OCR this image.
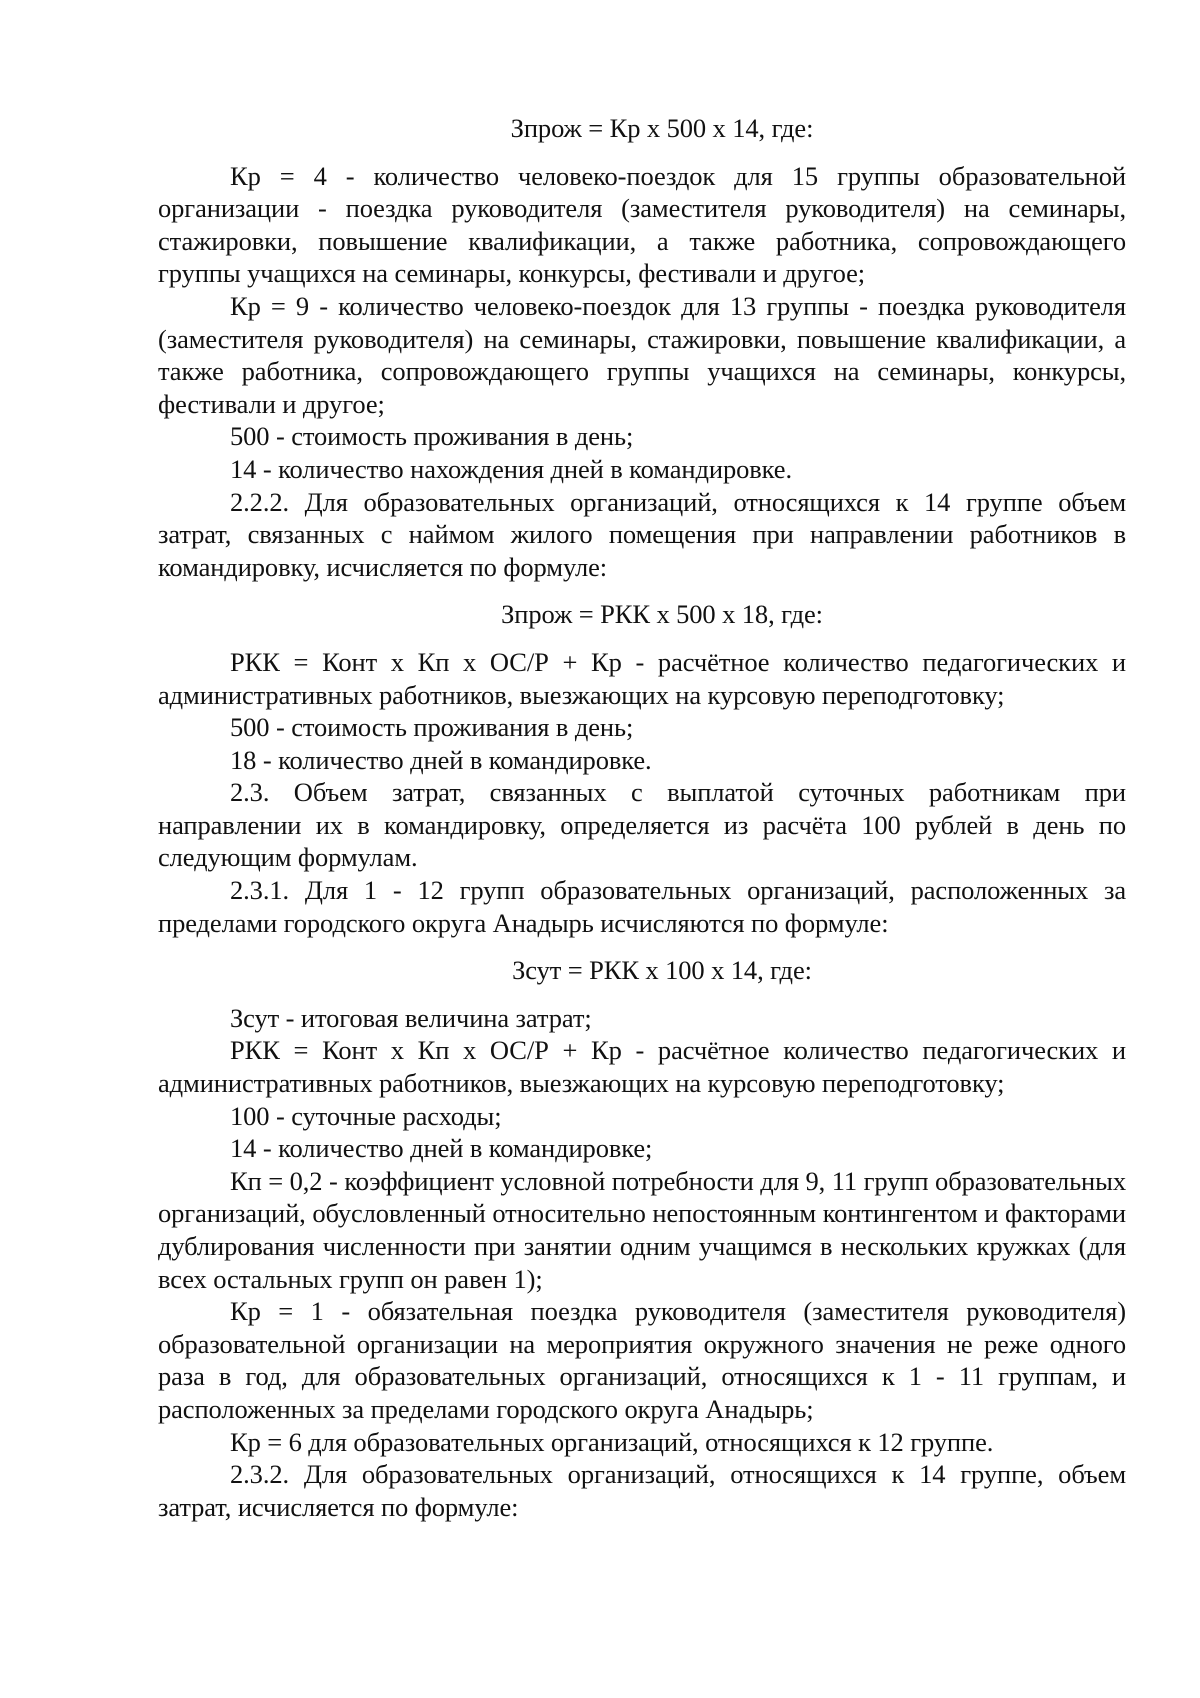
Зпрож = Кр х 500 х 14, где:

Кр = 4 - количество человеко-поездок для 15 группы образовательной организации - поездка руководителя (заместителя руководителя) на семинары, стажировки, повышение квалификации, а также работника, сопровождающего группы учащихся на семинары, конкурсы, фестивали и другое;

Кр = 9 - количество человеко-поездок для 13 группы - поездка руководителя (заместителя руководителя) на семинары, стажировки, повышение квалификации, а также работника, сопровождающего группы учащихся на семинары, конкурсы, фестивали и другое;

500 - стоимость проживания в день;

14 - количество нахождения дней в командировке.

2.2.2. Для образовательных организаций, относящихся к 14 группе объем затрат, связанных с наймом жилого помещения при направлении работников в командировку, исчисляется по формуле:

Зпрож = РКК х 500 х 18, где:

РКК = Конт х Кп х ОС/Р + Кр - расчётное количество педагогических и административных работников, выезжающих на курсовую переподготовку;

500 - стоимость проживания в день;

18 - количество дней в командировке.

2.3. Объем затрат, связанных с выплатой суточных работникам при направлении их в командировку, определяется из расчёта 100 рублей в день по следующим формулам.

2.3.1. Для 1 - 12 групп образовательных организаций, расположенных за пределами городского округа Анадырь исчисляются по формуле:

Зсут = РКК х 100 х 14, где:

Зсут - итоговая величина затрат;

РКК = Конт х Кп х ОС/Р + Кр - расчётное количество педагогических и административных работников, выезжающих на курсовую переподготовку;

100 - суточные расходы;

14 - количество дней в командировке;

Кп = 0,2 - коэффициент условной потребности для 9, 11 групп образовательных организаций, обусловленный относительно непостоянным контингентом и факторами дублирования численности при занятии одним учащимся в нескольких кружках (для всех остальных групп он равен 1);

Кр = 1 - обязательная поездка руководителя (заместителя руководителя) образовательной организации на мероприятия окружного значения не реже одного раза в год, для образовательных организаций, относящихся к 1 - 11 группам, и расположенных за пределами городского округа Анадырь;

Кр = 6 для образовательных организаций, относящихся к 12 группе.

2.3.2. Для образовательных организаций, относящихся к 14 группе, объем затрат, исчисляется по формуле:
